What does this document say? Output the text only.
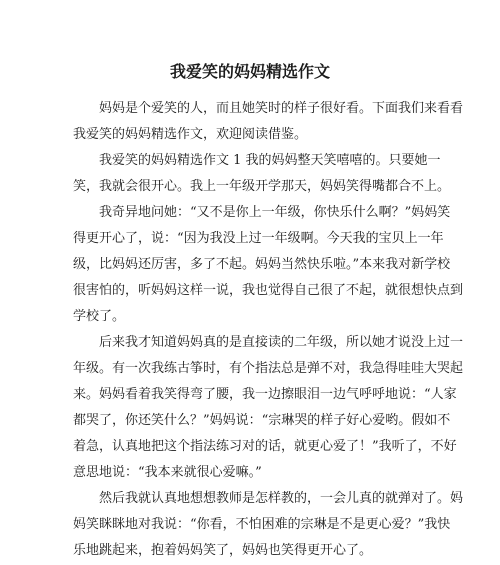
我爱笑的妈妈精选作文

妈妈是个爱笑的人，而且她笑时的样子很好看。下面我们来看看
我爱笑的妈妈精选作文，欢迎阅读借鉴。

我爱笑的妈妈精选作文 1 我的妈妈整天笑嘻嘻的。只要她一
笑，我就会很开心。我上一年级开学那天，妈妈笑得嘴都合不上。

我奇异地问她：“又不是你上一年级，你快乐什么啊？”妈妈笑
得更开心了，说：“因为我没上过一年级啊。今天我的宝贝上一年
级，比妈妈还厉害，多了不起。妈妈当然快乐啦。”本来我对新学校
很害怕的，听妈妈这样一说，我也觉得自己很了不起，就很想快点到
学校了。

后来我才知道妈妈真的是直接读的二年级，所以她才说没上过一
年级。有一次我练古筝时，有个指法总是弹不对，我急得哇哇大哭起
来。妈妈看着我笑得弯了腰，我一边擦眼泪一边气呼呼地说：“人家
都哭了，你还笑什么？”妈妈说：“宗琳哭的样子好心爱哟。假如不
着急，认真地把这个指法练习对的话，就更心爱了！”我听了，不好
意思地说：“我本来就很心爱嘛。”

然后我就认真地想想教师是怎样教的，一会儿真的就弹对了。妈
妈笑眯眯地对我说：“你看，不怕困难的宗琳是不是更心爱？”我快
乐地跳起来，抱着妈妈笑了，妈妈也笑得更开心了。
